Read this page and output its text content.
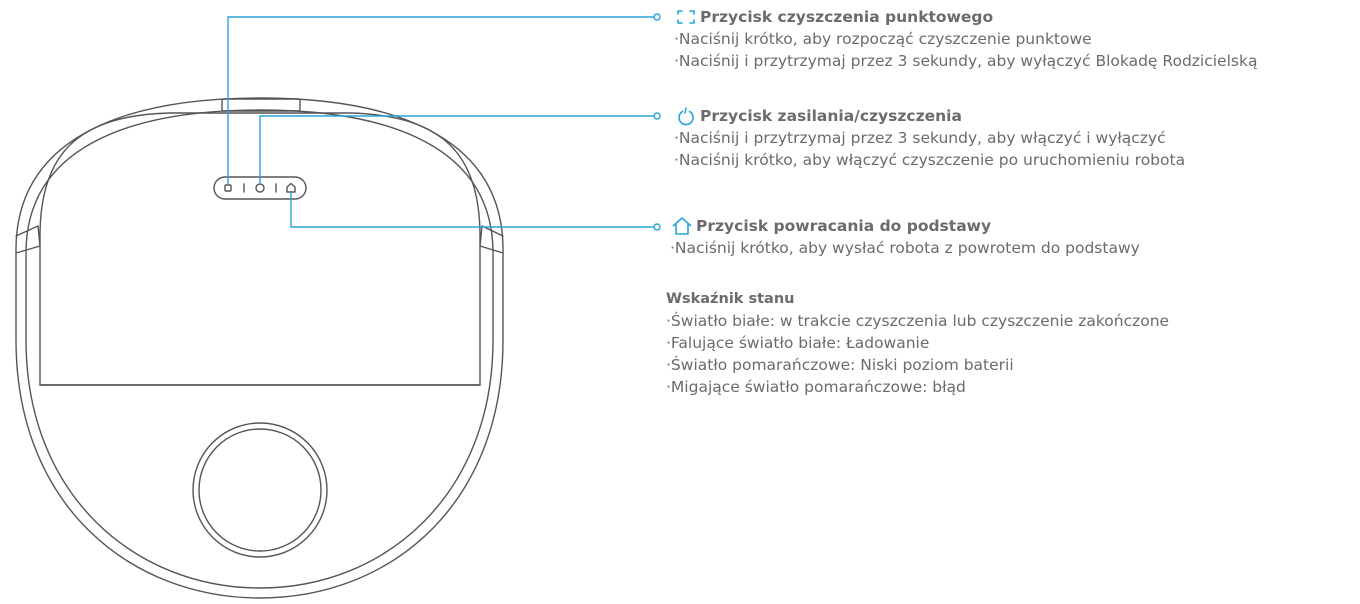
Przycisk czyszczenia punktowego
·Naciśnij krótko, aby rozpocząć czyszczenie punktowe
·Naciśnij i przytrzymaj przez 3 sekundy, aby wyłączyć Blokadę Rodzicielską
Przycisk zasilania/czyszczenia
·Naciśnij i przytrzymaj przez 3 sekundy, aby włączyć i wyłączyć
·Naciśnij krótko, aby włączyć czyszczenie po uruchomieniu robota
Przycisk powracania do podstawy
·Naciśnij krótko, aby wysłać robota z powrotem do podstawy
Wskaźnik stanu
·Światło białe: w trakcie czyszczenia lub czyszczenie zakończone
·Falujące światło białe: Ładowanie
·Światło pomarańczowe: Niski poziom baterii
·Migające światło pomarańczowe: błąd
